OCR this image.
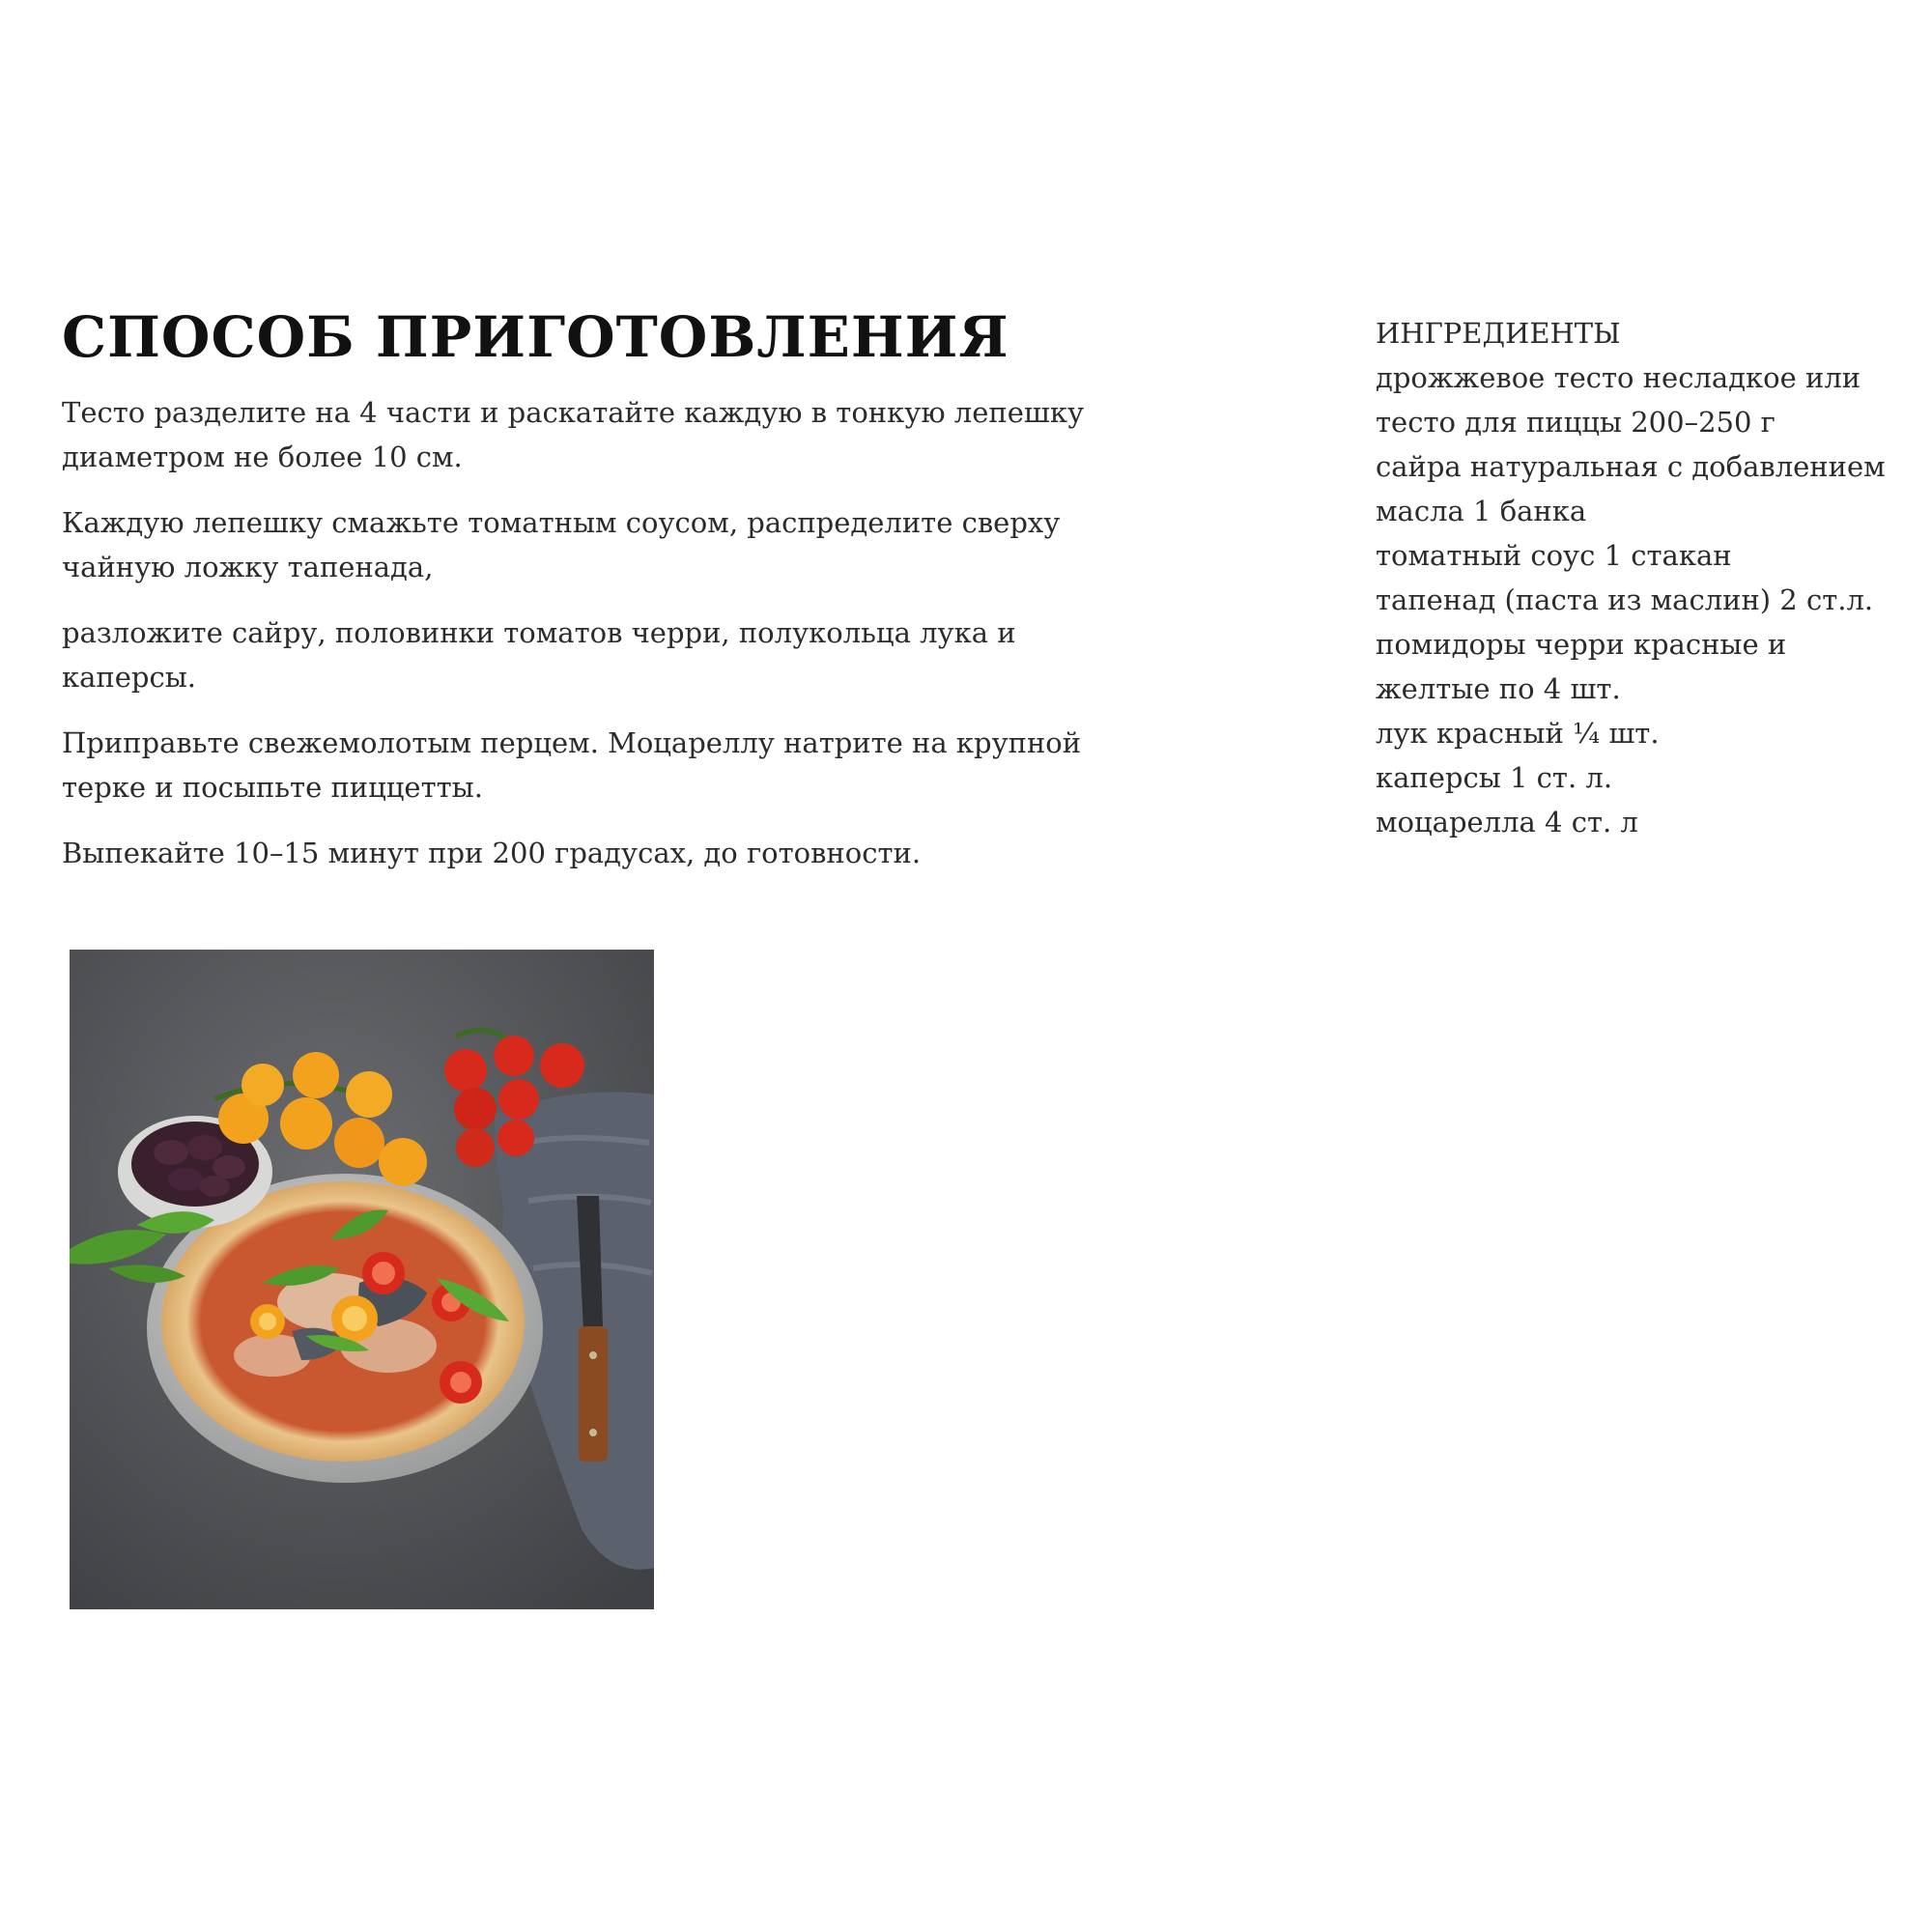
СПОСОБ ПРИГОТОВЛЕНИЯ

Тесто разделите на 4 части и раскатайте каждую в тонкую лепешку
диаметром не более 10 см.

Каждую лепешку смажьте томатным соусом, распределите сверху
чайную ложку тапенада,

разложите сайру, половинки томатов черри, полукольца лука и
каперсы.

Приправьте свежемолотым перцем. Моцареллу натрите на крупной
терке и посыпьте пиццетты.

Выпекайте 10–15 минут при 200 градусах, до готовности.

ИНГРЕДИЕНТЫ
дрожжевое тесто несладкое или
тесто для пиццы 200–250 г
сайра натуральная с добавлением
масла 1 банка
томатный соус 1 стакан
тапенад (паста из маслин) 2 ст.л.
помидоры черри красные и
желтые по 4 шт.
лук красный ¼ шт.
каперсы 1 ст. л.
моцарелла 4 ст. л
